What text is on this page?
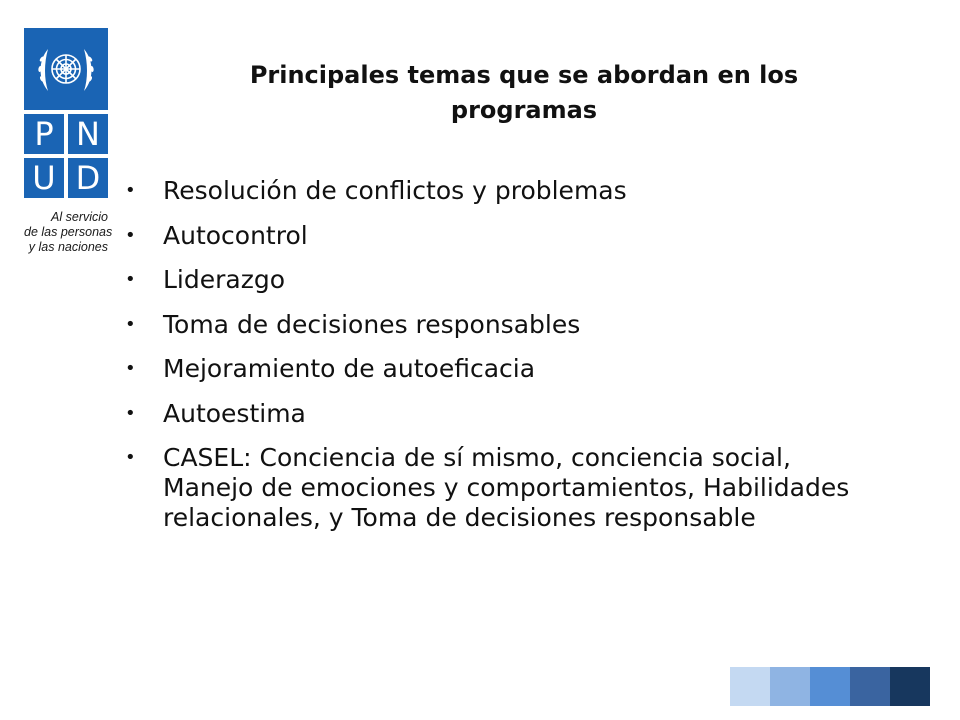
P N
U D
Al servicio
de las personas
y las naciones
Principales temas que se abordan en los programas
• Resolución de conflictos y problemas
• Autocontrol
• Liderazgo
• Toma de decisiones responsables
• Mejoramiento de autoeficacia
• Autoestima
• CASEL: Conciencia de sí mismo, conciencia social, Manejo de emociones y comportamientos, Habilidades relacionales, y Toma de decisiones responsable
